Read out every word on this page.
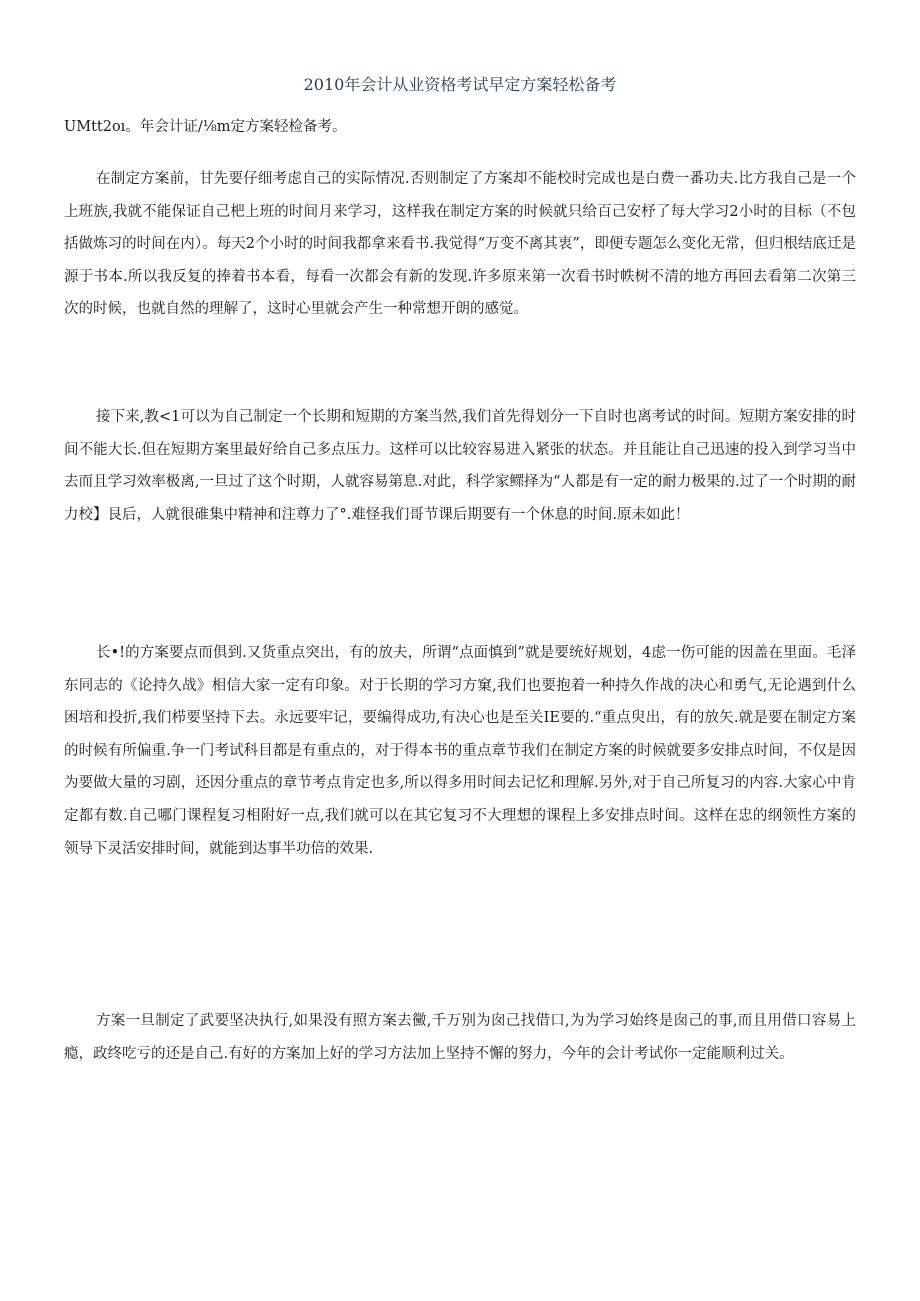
2010年会计从业资格考试早定方案轻松备考
UMtt2oı。年会计证∕⅛m定方案轻检备考。

在制定方案前，甘先要仔细考虑自己的实际情况.否则制定了方案却不能校时完成也是白费一番功夫.比方我自己是一个上班族,我就不能保证自己杷上班的时间月来学习，这样我在制定方案的时候就只给百己安杼了每大学习2小时的目标（不包括做炼习的时间在内）。每天2个小时的时间我都拿来看书.我觉得“万变不离其衷”，即便专题怎么变化无常，但归根结底迁是源于书本.所以我反复的捧着书本看，每看一次都会有新的发现.许多原来第一次看书时帙树不清的地方再回去看第二次第三次的时候，也就自然的理解了，这时心里就会产生一种常想开朗的感觉。

接下来,教<1可以为自己制定一个长期和短期的方案当然,我们首先得划分一下自时也离考试的时间。短期方案安排的时间不能大长.但在短期方案里最好给自己多点压力。这样可以比较容易进入紧张的状态。并且能让自己迅速的投入到学习当中去而且学习效率极离,一旦过了这个时期，人就容易第息.对此，科学家鳏择为“人都是有一定的耐力极果的.过了一个时期的耐力校】艮后，人就很碓集中精神和注尊力了°.难怪我们哥节课后期要有一个休息的时间.原未如此！

长•!的方案要点而俱到.又货重点突出，有的放夫，所谓“点面慎到”就是要统好规划，4虑一伤可能的因盖在里面。毛泽东同志的《论持久战》相信大家一定有印象。对于长期的学习方窠,我们也要抱着一种持久作战的决心和勇气,无论遇到什么困培和投折,我们栉要坚持下去。永远要牢记，要编得成功,有决心也是至关IE要的.“重点臾出，有的放矢.就是要在制定方案的时候有所偏重.争一门考试科目都是有重点的，对于得本书的重点章节我们在制定方案的时候就要多安排点时间，不仅是因为要做大量的习剧，还因分重点的章节考点肯定也多,所以得多用时间去记忆和理解.另外,对于自己所复习的内容.大家心中肯定都有数.自己哪门课程复习相附好一点,我们就可以在其它复习不大理想的课程上多安排点时间。这样在忠的纲领性方案的领导下灵活安排时间，就能到达事半功倍的效果.

方案一旦制定了武要坚决执行,如果没有照方案去黴,千万别为囱己找借口,为为学习始终是囱己的事,而且用借口容易上瘾，政终吃亏的还是自己.有好的方案加上好的学习方法加上坚持不懈的努力，今年的会计考试你一定能顺利过关。
